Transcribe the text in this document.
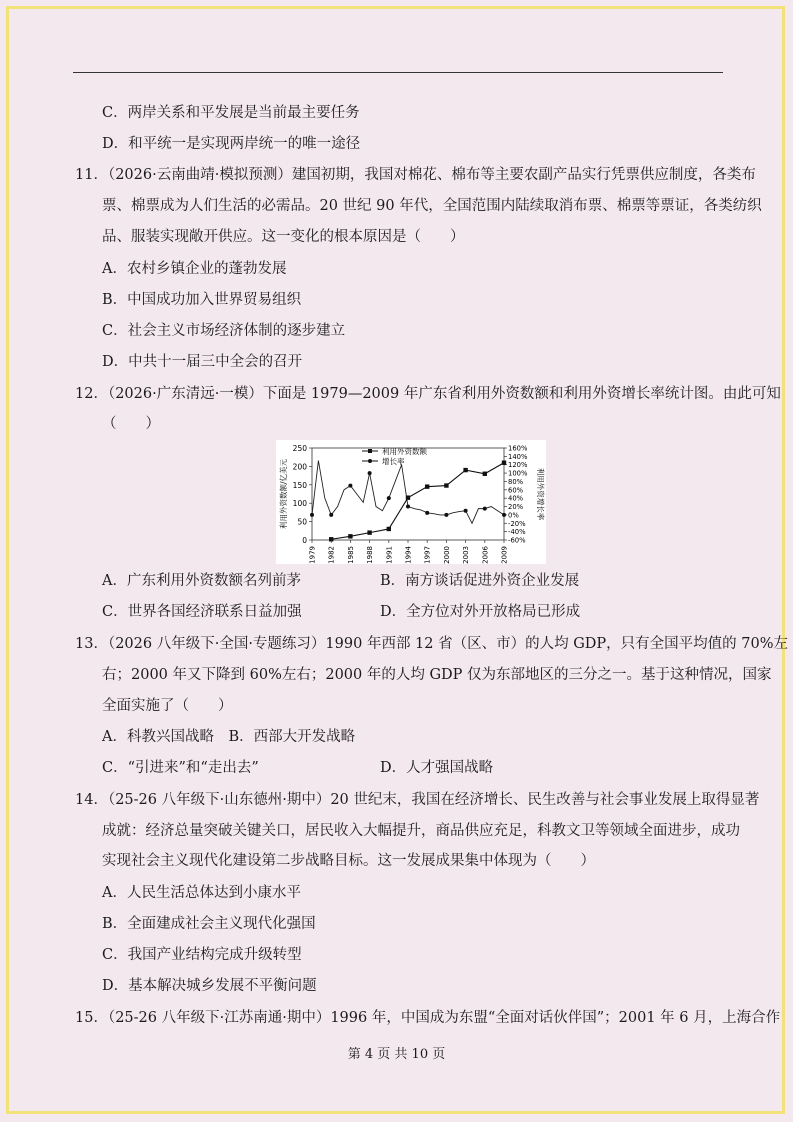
C．两岸关系和平发展是当前最主要任务
D．和平统一是实现两岸统一的唯一途径
11．（2026·云南曲靖·模拟预测）建国初期，我国对棉花、棉布等主要农副产品实行凭票供应制度，各类布
票、棉票成为人们生活的必需品。20 世纪 90 年代，全国范围内陆续取消布票、棉票等票证，各类纺织
品、服装实现敞开供应。这一变化的根本原因是（　　）
A．农村乡镇企业的蓬勃发展
B．中国成功加入世界贸易组织
C．社会主义市场经济体制的逐步建立
D．中共十一届三中全会的召开
12．（2026·广东清远·一模）下面是 1979—2009 年广东省利用外资数额和利用外资增长率统计图。由此可知
（　　）
250
200
150
100
50
0
160%
140%
120%
100%
80%
60%
40%
20%
0%
-20%
-40%
-60%
1979 1982 1985 1988 1991 1994 1997 2000 2003 2006 2009
利用外资数额/亿美元	利用外资增长率
利用外资数额
增长率
A．广东利用外资数额名列前茅	B．南方谈话促进外资企业发展
C．世界各国经济联系日益加强	D．全方位对外开放格局已形成
13．（2026 八年级下·全国·专题练习）1990 年西部 12 省（区、市）的人均 GDP，只有全国平均值的 70%左
右；2000 年又下降到 60%左右；2000 年的人均 GDP 仅为东部地区的三分之一。基于这种情况，国家
全面实施了（　　）
A．科教兴国战略　B．西部大开发战略
C．“引进来”和“走出去”	D．人才强国战略
14．（25-26 八年级下·山东德州·期中）20 世纪末，我国在经济增长、民生改善与社会事业发展上取得显著
成就：经济总量突破关键关口，居民收入大幅提升，商品供应充足，科教文卫等领域全面进步，成功
实现社会主义现代化建设第二步战略目标。这一发展成果集中体现为（　　）
A．人民生活总体达到小康水平
B．全面建成社会主义现代化强国
C．我国产业结构完成升级转型
D．基本解决城乡发展不平衡问题
15．（25-26 八年级下·江苏南通·期中）1996 年，中国成为东盟“全面对话伙伴国”；2001 年 6 月，上海合作
第 4 页 共 10 页
